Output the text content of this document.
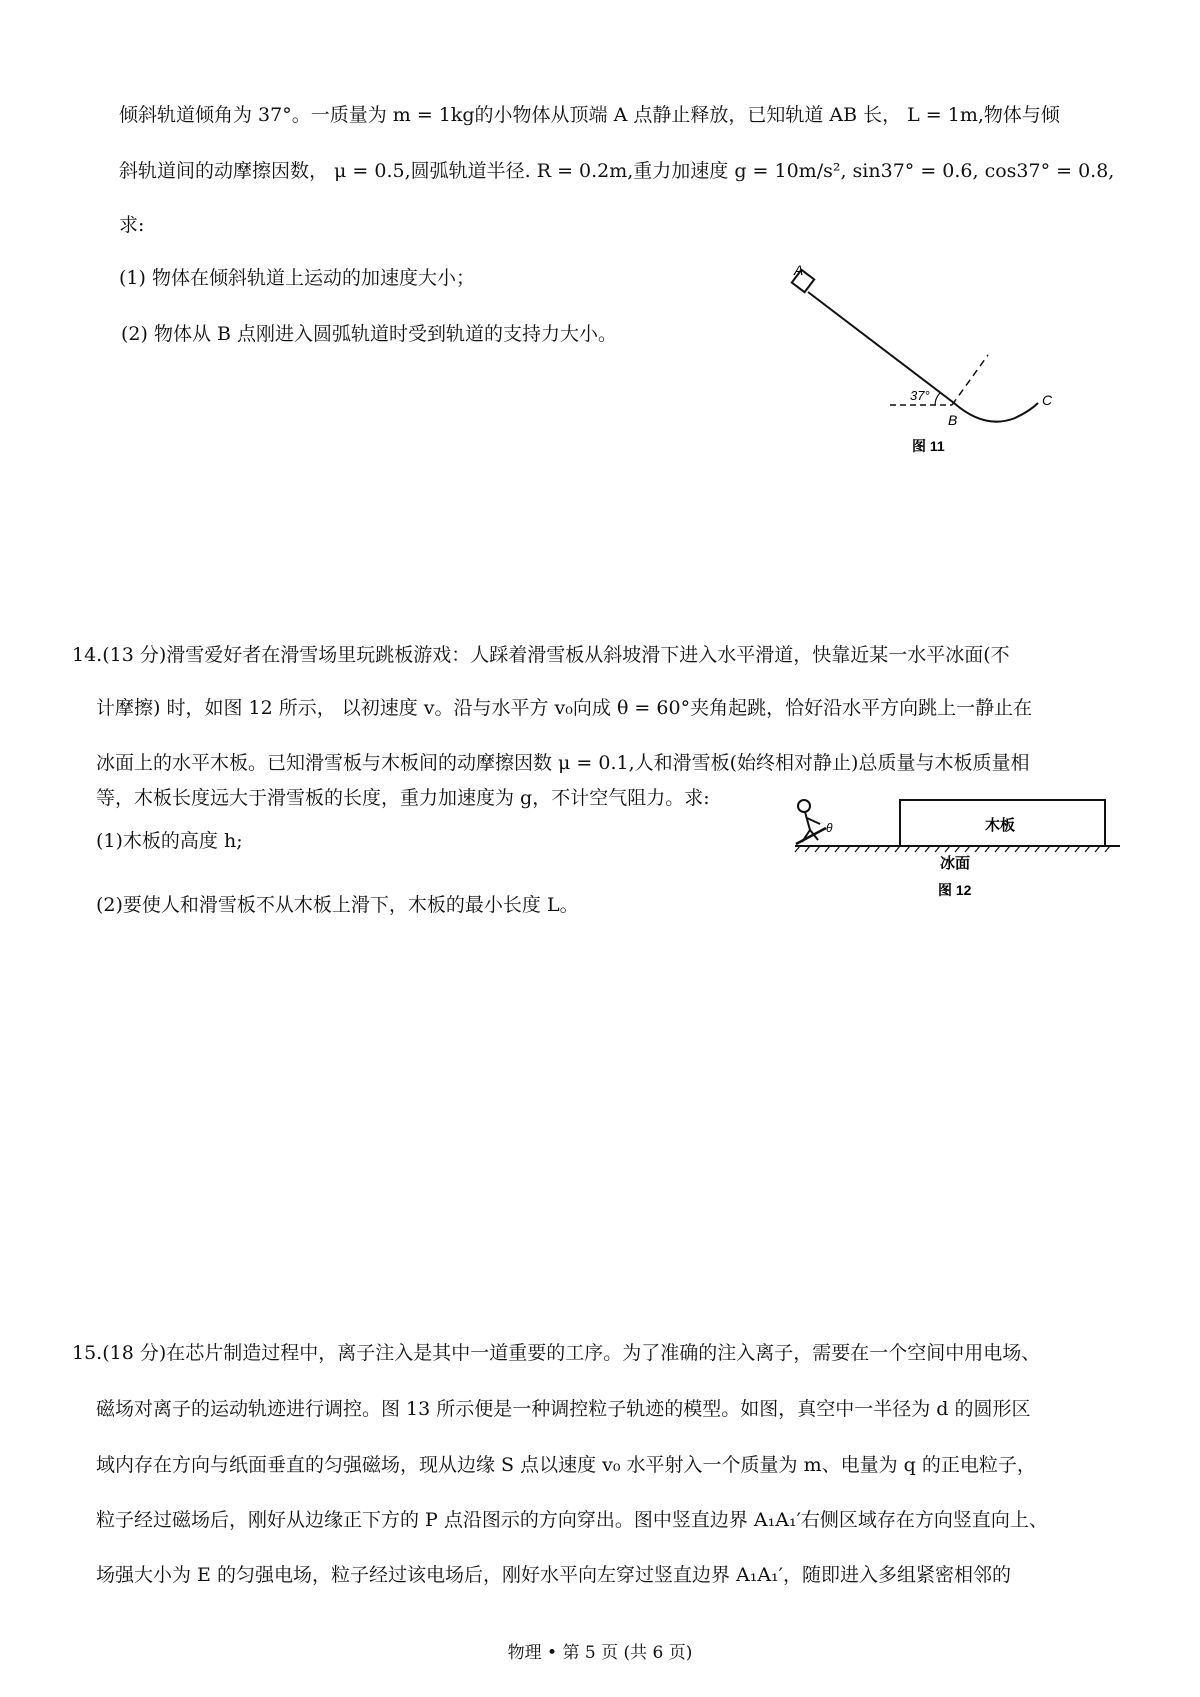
倾斜轨道倾角为 37°。一质量为 m = 1kg的小物体从顶端 A 点静止释放，已知轨道 AB 长， L = 1m,物体与倾
斜轨道间的动摩擦因数， μ = 0.5,圆弧轨道半径. R = 0.2m,重力加速度 g = 10m/s², sin37° = 0.6, cos37° = 0.8,
求:
(1) 物体在倾斜轨道上运动的加速度大小；
(2) 物体从 B 点刚进入圆弧轨道时受到轨道的支持力大小。
A
B
C
37°
图 11
14.(13 分)滑雪爱好者在滑雪场里玩跳板游戏：人踩着滑雪板从斜坡滑下进入水平滑道，快靠近某一水平冰面(不
计摩擦) 时，如图 12 所示， 以初速度 v。沿与水平方 v₀向成 θ = 60°夹角起跳，恰好沿水平方向跳上一静止在
冰面上的水平木板。已知滑雪板与木板间的动摩擦因数 μ = 0.1,人和滑雪板(始终相对静止)总质量与木板质量相
等，木板长度远大于滑雪板的长度，重力加速度为 g，不计空气阻力。求:
(1)木板的高度 h;
(2)要使人和滑雪板不从木板上滑下，木板的最小长度 L。
θ	木板
冰面
图 12
15.(18 分)在芯片制造过程中，离子注入是其中一道重要的工序。为了准确的注入离子，需要在一个空间中用电场、
磁场对离子的运动轨迹进行调控。图 13 所示便是一种调控粒子轨迹的模型。如图，真空中一半径为 d 的圆形区
域内存在方向与纸面垂直的匀强磁场，现从边缘 S 点以速度 v₀ 水平射入一个质量为 m、电量为 q 的正电粒子，
粒子经过磁场后，刚好从边缘正下方的 P 点沿图示的方向穿出。图中竖直边界 A₁A₁′右侧区域存在方向竖直向上、
场强大小为 E 的匀强电场，粒子经过该电场后，刚好水平向左穿过竖直边界 A₁A₁′，随即进入多组紧密相邻的
物理 • 第 5 页 (共 6 页)
